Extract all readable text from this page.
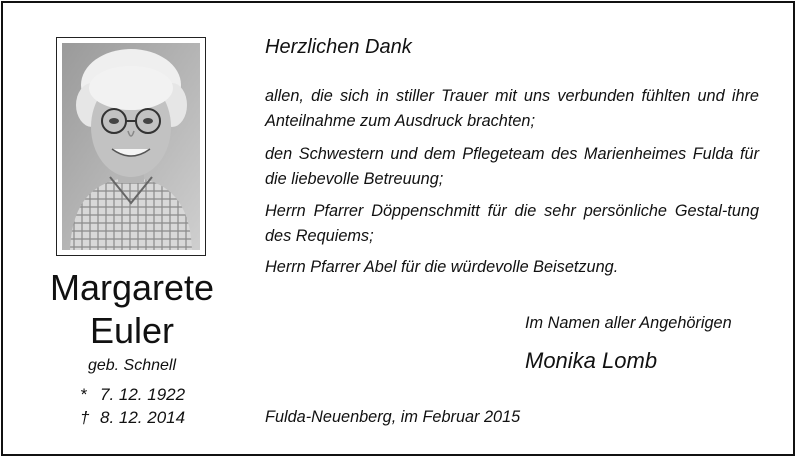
Margarete
Euler
geb. Schnell
* 7. 12. 1922
† 8. 12. 2014
Herzlichen Dank
allen, die sich in stiller Trauer mit uns verbunden fühlten und ihre Anteilnahme zum Ausdruck brachten;
den Schwestern und dem Pflegeteam des Marienheimes Fulda für die liebevolle Betreuung;
Herrn Pfarrer Döppenschmitt für die sehr persönliche Gestal-tung des Requiems;
Herrn Pfarrer Abel für die würdevolle Beisetzung.
Im Namen aller Angehörigen
Monika Lomb
Fulda-Neuenberg, im Februar 2015
